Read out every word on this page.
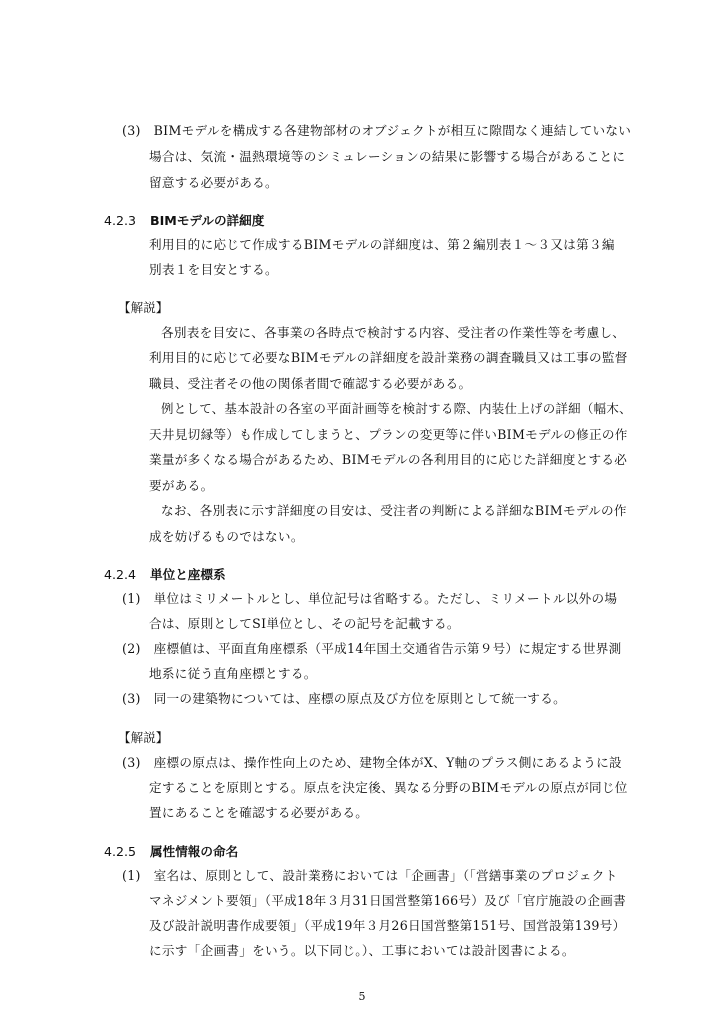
(3)　BIMモデルを構成する各建物部材のオブジェクトが相互に隙間なく連結していない
場合は、気流・温熱環境等のシミュレーションの結果に影響する場合があることに
留意する必要がある。
4.2.3 BIMモデルの詳細度
利用目的に応じて作成するBIMモデルの詳細度は、第２編別表１～３又は第３編
別表１を目安とする。
【解説】
各別表を目安に、各事業の各時点で検討する内容、受注者の作業性等を考慮し、
利用目的に応じて必要なBIMモデルの詳細度を設計業務の調査職員又は工事の監督
職員、受注者その他の関係者間で確認する必要がある。
例として、基本設計の各室の平面計画等を検討する際、内装仕上げの詳細（幅木、
天井見切縁等）も作成してしまうと、プランの変更等に伴いBIMモデルの修正の作
業量が多くなる場合があるため、BIMモデルの各利用目的に応じた詳細度とする必
要がある。
なお、各別表に示す詳細度の目安は、受注者の判断による詳細なBIMモデルの作
成を妨げるものではない。
4.2.4 単位と座標系
(1)　単位はミリメートルとし、単位記号は省略する。ただし、ミリメートル以外の場
合は、原則としてSI単位とし、その記号を記載する。
(2)　座標値は、平面直角座標系（平成14年国土交通省告示第９号）に規定する世界測
地系に従う直角座標とする。
(3)　同一の建築物については、座標の原点及び方位を原則として統一する。
【解説】
(3)　座標の原点は、操作性向上のため、建物全体がX、Y軸のプラス側にあるように設
定することを原則とする。原点を決定後、異なる分野のBIMモデルの原点が同じ位
置にあることを確認する必要がある。
4.2.5 属性情報の命名
(1)　室名は、原則として、設計業務においては「企画書」（「営繕事業のプロジェクト
マネジメント要領」（平成18年３月31日国営整第166号）及び「官庁施設の企画書
及び設計説明書作成要領」（平成19年３月26日国営整第151号、国営設第139号）
に示す「企画書」をいう。以下同じ。）、工事においては設計図書による。
5
